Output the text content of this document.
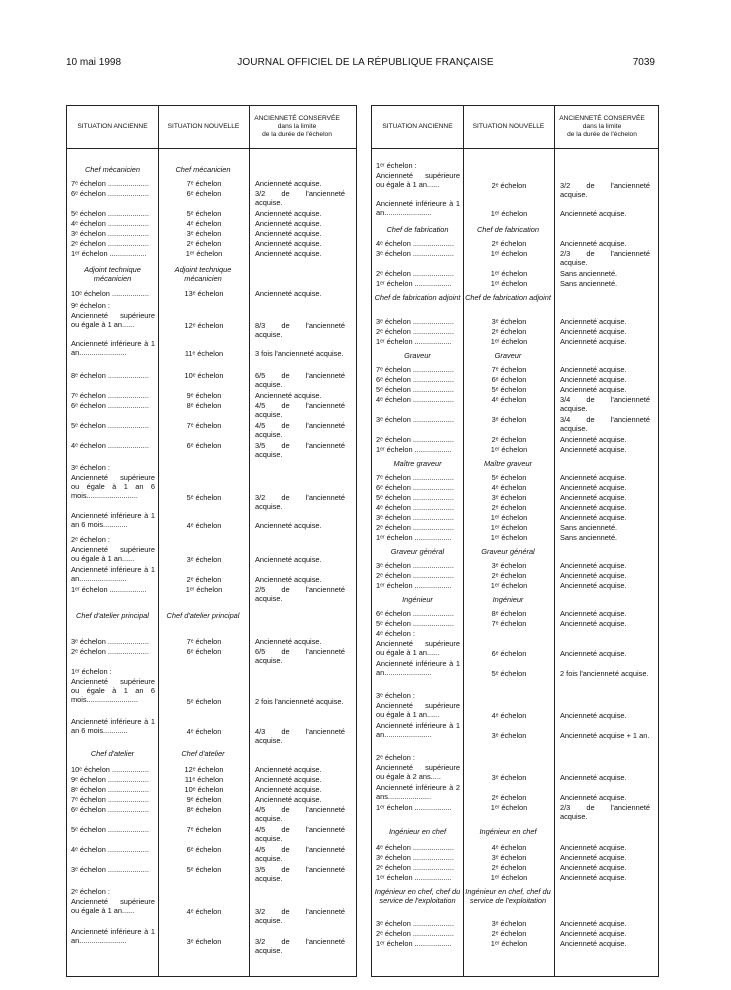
10 mai 1998	JOURNAL OFFICIEL DE LA RÉPUBLIQUE FRANÇAISE	7039
SITUATION ANCIENNE	SITUATION NOUVELLE
ANCIENNETÉ CONSERVÉE
dans la limite
de la durée de l'échelon
Chef mécanicien	Chef mécanicien
7ᵉ échelon ....................	7ᵉ échelon	Ancienneté acquise.
6ᵉ échelon ....................	6ᵉ échelon	3/2 de l'ancienneté acquise.
5ᵉ échelon ....................	5ᵉ échelon	Ancienneté acquise.
4ᵉ échelon ....................	4ᵉ échelon	Ancienneté acquise.
3ᵉ échelon ....................	3ᵉ échelon	Ancienneté acquise.
2ᵉ échelon ....................	2ᵉ échelon	Ancienneté acquise.
1ᵉʳ échelon ..................	1ᵉʳ échelon	Ancienneté acquise.
Adjoint technique mécanicien
Adjoint technique mécanicien
10ᵉ échelon ..................	13ᵉ échelon	Ancienneté acquise.
9ᵉ échelon :
Ancienneté supérieure ou égale à 1 an......	12ᵉ échelon	8/3 de l'ancienneté acquise.
Ancienneté inférieure à 1 an.......................	11ᵉ échelon	3 fois l'ancienneté acquise.
8ᵉ échelon ....................	10ᵉ échelon	6/5 de l'ancienneté acquise.
7ᵉ échelon ....................	9ᵉ échelon	Ancienneté acquise.
6ᵉ échelon ....................	8ᵉ échelon	4/5 de l'ancienneté acquise.
5ᵉ échelon ....................	7ᵉ échelon	4/5 de l'ancienneté acquise.
4ᵉ échelon ....................	6ᵉ échelon	3/5 de l'ancienneté acquise.
3ᵉ échelon :
Ancienneté supérieure ou égale à 1 an 6 mois.........................	5ᵉ échelon	3/2 de l'ancienneté acquise.
Ancienneté inférieure à 1 an 6 mois............	4ᵉ échelon	Ancienneté acquise.
2ᵉ échelon :
Ancienneté supérieure ou égale à 1 an......	3ᵉ échelon	Ancienneté acquise.
Ancienneté inférieure à 1 an.......................	2ᵉ échelon	Ancienneté acquise.
1ᵉʳ échelon ..................	1ᵉʳ échelon	2/5 de l'ancienneté acquise.
Chef d'atelier principal	Chef d'atelier principal
3ᵉ échelon ....................	7ᵉ échelon	Ancienneté acquise.
2ᵉ échelon ....................	6ᵉ échelon	6/5 de l'ancienneté acquise.
1ᵉʳ échelon :
Ancienneté supérieure ou égale à 1 an 6 mois.........................	5ᵉ échelon	2 fois l'ancienneté acquise.
Ancienneté inférieure à 1 an 6 mois............	4ᵉ échelon	4/3 de l'ancienneté acquise.
Chef d'atelier	Chef d'atelier
10ᵉ échelon ..................	12ᵉ échelon	Ancienneté acquise.
9ᵉ échelon ....................	11ᵉ échelon	Ancienneté acquise.
8ᵉ échelon ....................	10ᵉ échelon	Ancienneté acquise.
7ᵉ échelon ....................	9ᵉ échelon	Ancienneté acquise.
6ᵉ échelon ....................	8ᵉ échelon	4/5 de l'ancienneté acquise.
5ᵉ échelon ....................	7ᵉ échelon	4/5 de l'ancienneté acquise.
4ᵉ échelon ....................	6ᵉ échelon	4/5 de l'ancienneté acquise.
3ᵉ échelon ....................	5ᵉ échelon	3/5 de l'ancienneté acquise.
2ᵉ échelon :
Ancienneté supérieure ou égale à 1 an......	4ᵉ échelon	3/2 de l'ancienneté acquise.
Ancienneté inférieure à 1 an.......................	3ᵉ échelon	3/2 de l'ancienneté acquise.
SITUATION ANCIENNE	SITUATION NOUVELLE
ANCIENNETÉ CONSERVÉE
dans la limite
de la durée de l'échelon
1ᵉʳ échelon :
Ancienneté supérieure ou égale à 1 an......	2ᵉ échelon	3/2 de l'ancienneté acquise.
Ancienneté inférieure à 1 an.......................	1ᵉʳ échelon	Ancienneté acquise.
Chef de fabrication	Chef de fabrication
4ᵉ échelon ....................	2ᵉ échelon	Ancienneté acquise.
3ᵉ échelon ....................	1ᵉʳ échelon	2/3 de l'ancienneté acquise.
2ᵉ échelon ....................	1ᵉʳ échelon	Sans ancienneté.
1ᵉʳ échelon ..................	1ᵉʳ échelon	Sans ancienneté.
Chef de fabrication adjoint Chef de fabrication adjoint
3ᵉ échelon ....................	3ᵉ échelon	Ancienneté acquise.
2ᵉ échelon ....................	2ᵉ échelon	Ancienneté acquise.
1ᵉʳ échelon ..................	1ᵉʳ échelon	Ancienneté acquise.
Graveur	Graveur
7ᵉ échelon ....................	7ᵉ échelon	Ancienneté acquise.
6ᵉ échelon ....................	6ᵉ échelon	Ancienneté acquise.
5ᵉ échelon ....................	5ᵉ échelon	Ancienneté acquise.
4ᵉ échelon ....................	4ᵉ échelon	3/4 de l'ancienneté acquise.
3ᵉ échelon ....................	3ᵉ échelon	3/4 de l'ancienneté acquise.
2ᵉ échelon ....................	2ᵉ échelon	Ancienneté acquise.
1ᵉʳ échelon ..................	1ᵉʳ échelon	Ancienneté acquise.
Maître graveur	Maître graveur
7ᵉ échelon ....................	5ᵉ échelon	Ancienneté acquise.
6ᵉ échelon ....................	4ᵉ échelon	Ancienneté acquise.
5ᵉ échelon ....................	3ᵉ échelon	Ancienneté acquise.
4ᵉ échelon ....................	2ᵉ échelon	Ancienneté acquise.
3ᵉ échelon ....................	1ᵉʳ échelon	Ancienneté acquise.
2ᵉ échelon ....................	1ᵉʳ échelon	Sans ancienneté.
1ᵉʳ échelon ..................	1ᵉʳ échelon	Sans ancienneté.
Graveur général	Graveur général
3ᵉ échelon ....................	3ᵉ échelon	Ancienneté acquise.
2ᵉ échelon ....................	2ᵉ échelon	Ancienneté acquise.
1ᵉʳ échelon ..................	1ᵉʳ échelon	Ancienneté acquise.
Ingénieur	Ingénieur
6ᵉ échelon ....................	8ᵉ échelon	Ancienneté acquise.
5ᵉ échelon ....................	7ᵉ échelon	Ancienneté acquise.
4ᵉ échelon :
Ancienneté supérieure ou égale à 1 an......	6ᵉ échelon	Ancienneté acquise.
Ancienneté inférieure à 1 an.......................	5ᵉ échelon	2 fois l'ancienneté acquise.
3ᵉ échelon :
Ancienneté supérieure ou égale à 1 an......	4ᵉ échelon	Ancienneté acquise.
Ancienneté inférieure à 1 an.......................	3ᵉ échelon	Ancienneté acquise + 1 an.
2ᵉ échelon :
Ancienneté supérieure ou égale à 2 ans.....	3ᵉ échelon	Ancienneté acquise.
Ancienneté inférieure à 2 ans.....................	2ᵉ échelon	Ancienneté acquise.
1ᵉʳ échelon ..................	1ᵉʳ échelon	2/3 de l'ancienneté acquise.
Ingénieur en chef	Ingénieur en chef
4ᵉ échelon ....................	4ᵉ échelon	Ancienneté acquise.
3ᵉ échelon ....................	3ᵉ échelon	Ancienneté acquise.
2ᵉ échelon ....................	2ᵉ échelon	Ancienneté acquise.
1ᵉʳ échelon ..................	1ᵉʳ échelon	Ancienneté acquise.
Ingénieur en chef, chef du service de l'exploitation
Ingénieur en chef, chef du service de l'exploitation
3ᵉ échelon ....................	3ᵉ échelon	Ancienneté acquise.
2ᵉ échelon ....................	2ᵉ échelon	Ancienneté acquise.
1ᵉʳ échelon ..................	1ᵉʳ échelon	Ancienneté acquise.
